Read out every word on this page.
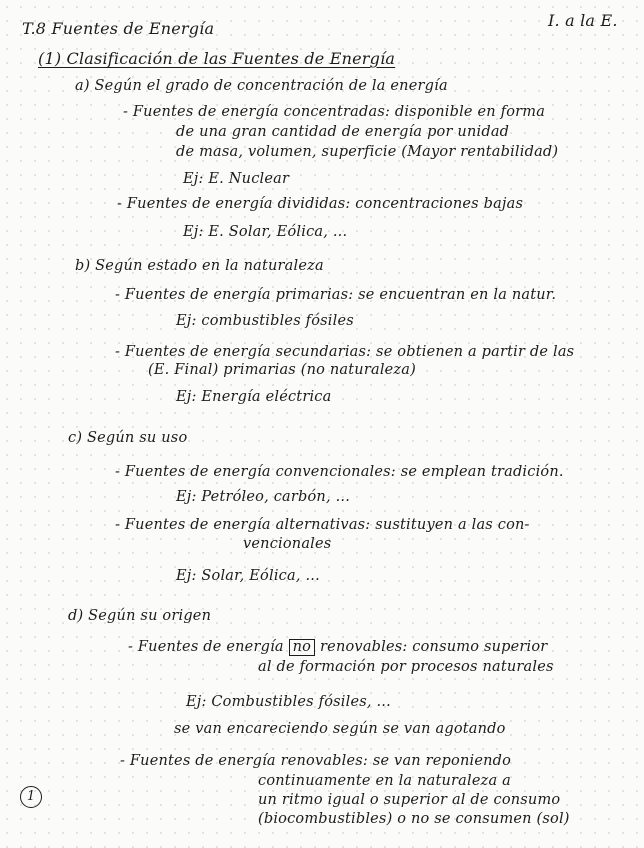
T.8 Fuentes de Energía	I. a la E.
(1) Clasificación de las Fuentes de Energía
a) Según el grado de concentración de la energía
- Fuentes de energía concentradas: disponible en forma
de una gran cantidad de energía por unidad
de masa, volumen, superficie (Mayor rentabilidad)
Ej: E. Nuclear
- Fuentes de energía divididas: concentraciones bajas
Ej: E. Solar, Eólica, ...
b) Según estado en la naturaleza
- Fuentes de energía primarias: se encuentran en la natur.
Ej: combustibles fósiles
- Fuentes de energía secundarias: se obtienen a partir de las
(E. Final) primarias (no naturaleza)
Ej: Energía eléctrica
c) Según su uso
- Fuentes de energía convencionales: se emplean tradición.
Ej: Petróleo, carbón, ...
- Fuentes de energía alternativas: sustituyen a las con-
vencionales
Ej: Solar, Eólica, ...
d) Según su origen
- Fuentes de energía no renovables: consumo superior
al de formación por procesos naturales
Ej: Combustibles fósiles, ...
se van encareciendo según se van agotando
- Fuentes de energía renovables: se van reponiendo
continuamente en la naturaleza a
un ritmo igual o superior al de consumo
(biocombustibles) o no se consumen (sol)
1
